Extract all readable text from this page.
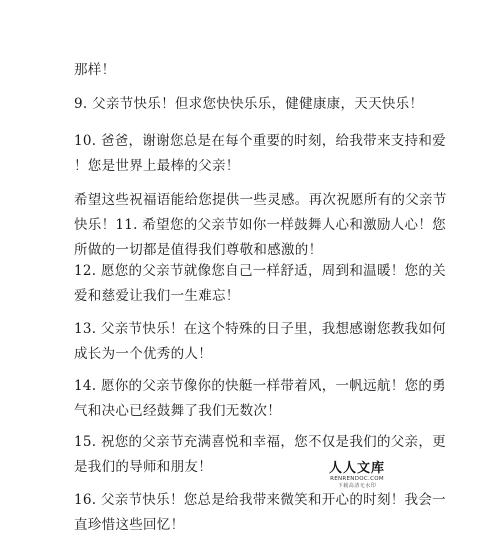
那样！

9. 父亲节快乐！但求您快快乐乐，健健康康，天天快乐！

10. 爸爸，谢谢您总是在每个重要的时刻，给我带来支持和爱
！您是世界上最棒的父亲！

希望这些祝福语能给您提供一些灵感。再次祝愿所有的父亲节
快乐！11. 希望您的父亲节如你一样鼓舞人心和激励人心！您
所做的一切都是值得我们尊敬和感激的！

12. 愿您的父亲节就像您自己一样舒适，周到和温暖！您的关
爱和慈爱让我们一生难忘！

13. 父亲节快乐！在这个特殊的日子里，我想感谢您教我如何
成长为一个优秀的人！

14. 愿你的父亲节像你的快艇一样带着风，一帆远航！您的勇
气和决心已经鼓舞了我们无数次！

15. 祝您的父亲节充满喜悦和幸福，您不仅是我们的父亲，更
是我们的导师和朋友！

16. 父亲节快乐！您总是给我带来微笑和开心的时刻！我会一
直珍惜这些回忆！

人人文库
RENRENDOC.COM
下载高清无水印
